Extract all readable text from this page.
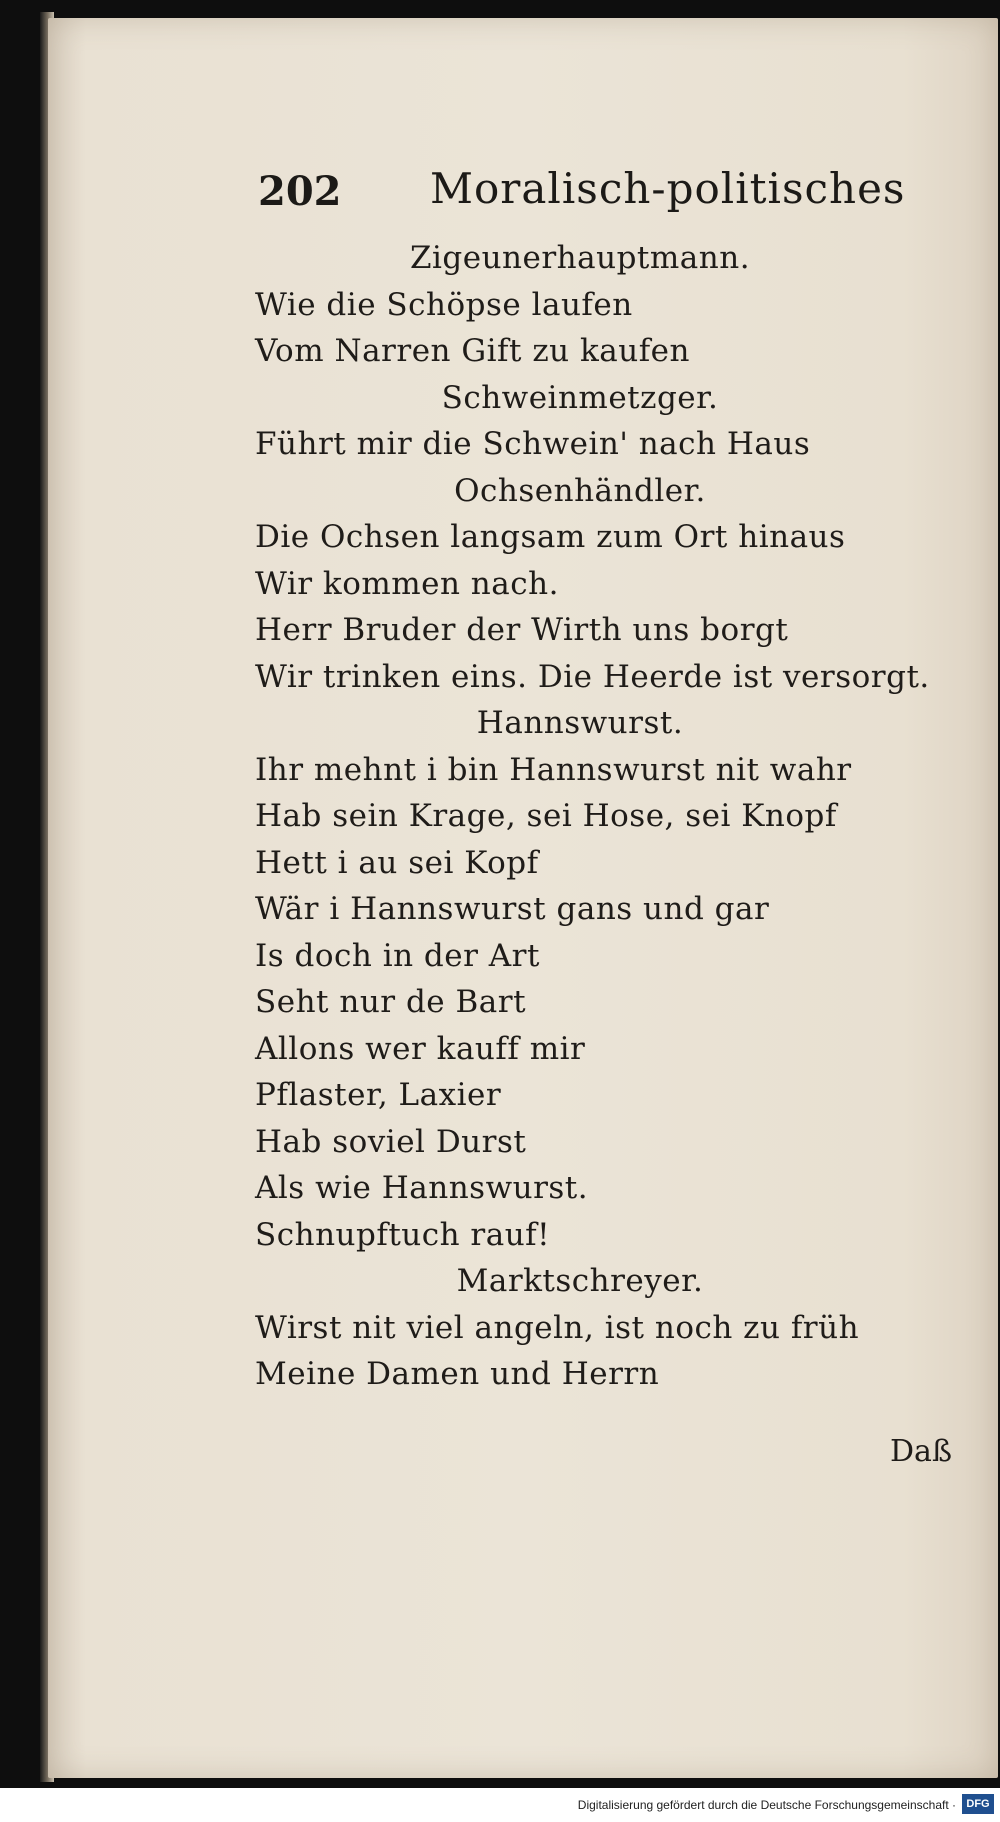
202 Moralisch-politisches
Zigeunerhauptmann.
Wie die Schöpse laufen
Vom Narren Gift zu kaufen
Schweinmetzger.
Führt mir die Schwein' nach Haus
Ochsenhändler.
Die Ochsen langsam zum Ort hinaus
Wir kommen nach.
Herr Bruder der Wirth uns borgt
Wir trinken eins. Die Heerde ist versorgt.
Hannswurst.
Ihr mehnt i bin Hannswurst nit wahr
Hab sein Krage, sei Hose, sei Knopf
Hett i au sei Kopf
Wär i Hannswurst gans und gar
Is doch in der Art
Seht nur de Bart
Allons wer kauff mir
Pflaster, Laxier
Hab soviel Durst
Als wie Hannswurst.
Schnupftuch rauf!
Marktschreyer.
Wirst nit viel angeln, ist noch zu früh
Meine Damen und Herrn
Daß
Digitalisierung gefördert durch die Deutsche Forschungsgemeinschaft · DFG
